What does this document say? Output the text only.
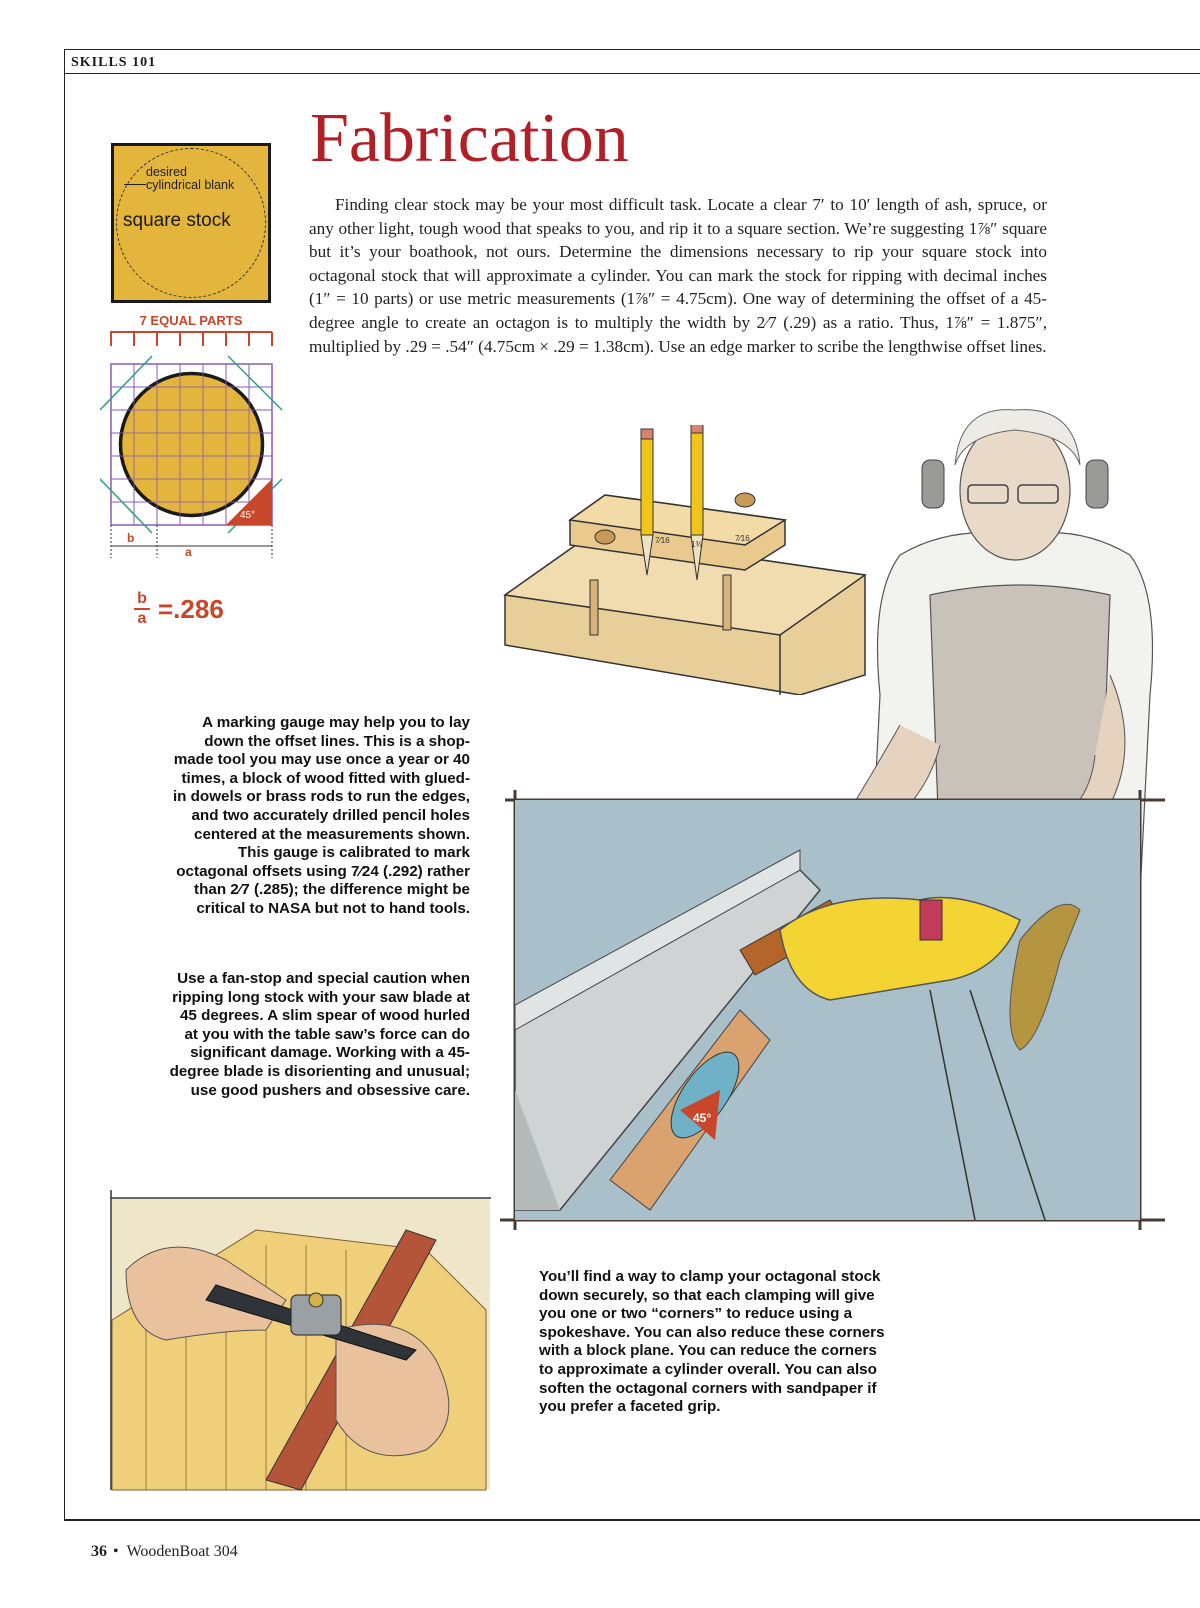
SKILLS 101
Fabrication
Finding clear stock may be your most difficult task. Locate a clear 7′ to 10′ length of ash, spruce, or any other light, tough wood that speaks to you, and rip it to a square section. We’re suggesting 1⅞″ square but it’s your boathook, not ours. Determine the dimensions necessary to rip your square stock into octagonal stock that will approximate a cylinder. You can mark the stock for ripping with decimal inches (1″ = 10 parts) or use metric measurements (1⅞″ = 4.75cm). One way of determining the offset of a 45-degree angle to create an octagon is to multiply the width by 2⁄7 (.29) as a ratio. Thus, 1⅞″ = 1.875″, multiplied by .29 = .54″ (4.75cm × .29 = 1.38cm). Use an edge marker to scribe the lengthwise offset lines.
desired cylindrical blank
square stock
7 EQUAL PARTS
45°
b
a
b
a =.286
7⁄16	1⅜
7⁄16
45°
A marking gauge may help you to lay down the offset lines. This is a shop-made tool you may use once a year or 40 times, a block of wood fitted with glued-in dowels or brass rods to run the edges, and two accurately drilled pencil holes centered at the measurements shown. This gauge is calibrated to mark octagonal offsets using 7⁄24 (.292) rather than 2⁄7 (.285); the difference might be critical to NASA but not to hand tools.
Use a fan-stop and special caution when ripping long stock with your saw blade at 45 degrees. A slim spear of wood hurled at you with the table saw’s force can do significant damage. Working with a 45-degree blade is disorienting and unusual; use good pushers and obsessive care.
You’ll find a way to clamp your octagonal stock down securely, so that each clamping will give you one or two “corners” to reduce using a spokeshave. You can also reduce these corners with a block plane. You can reduce the corners to approximate a cylinder overall. You can also soften the octagonal corners with sandpaper if you prefer a faceted grip.
36 • WoodenBoat 304
